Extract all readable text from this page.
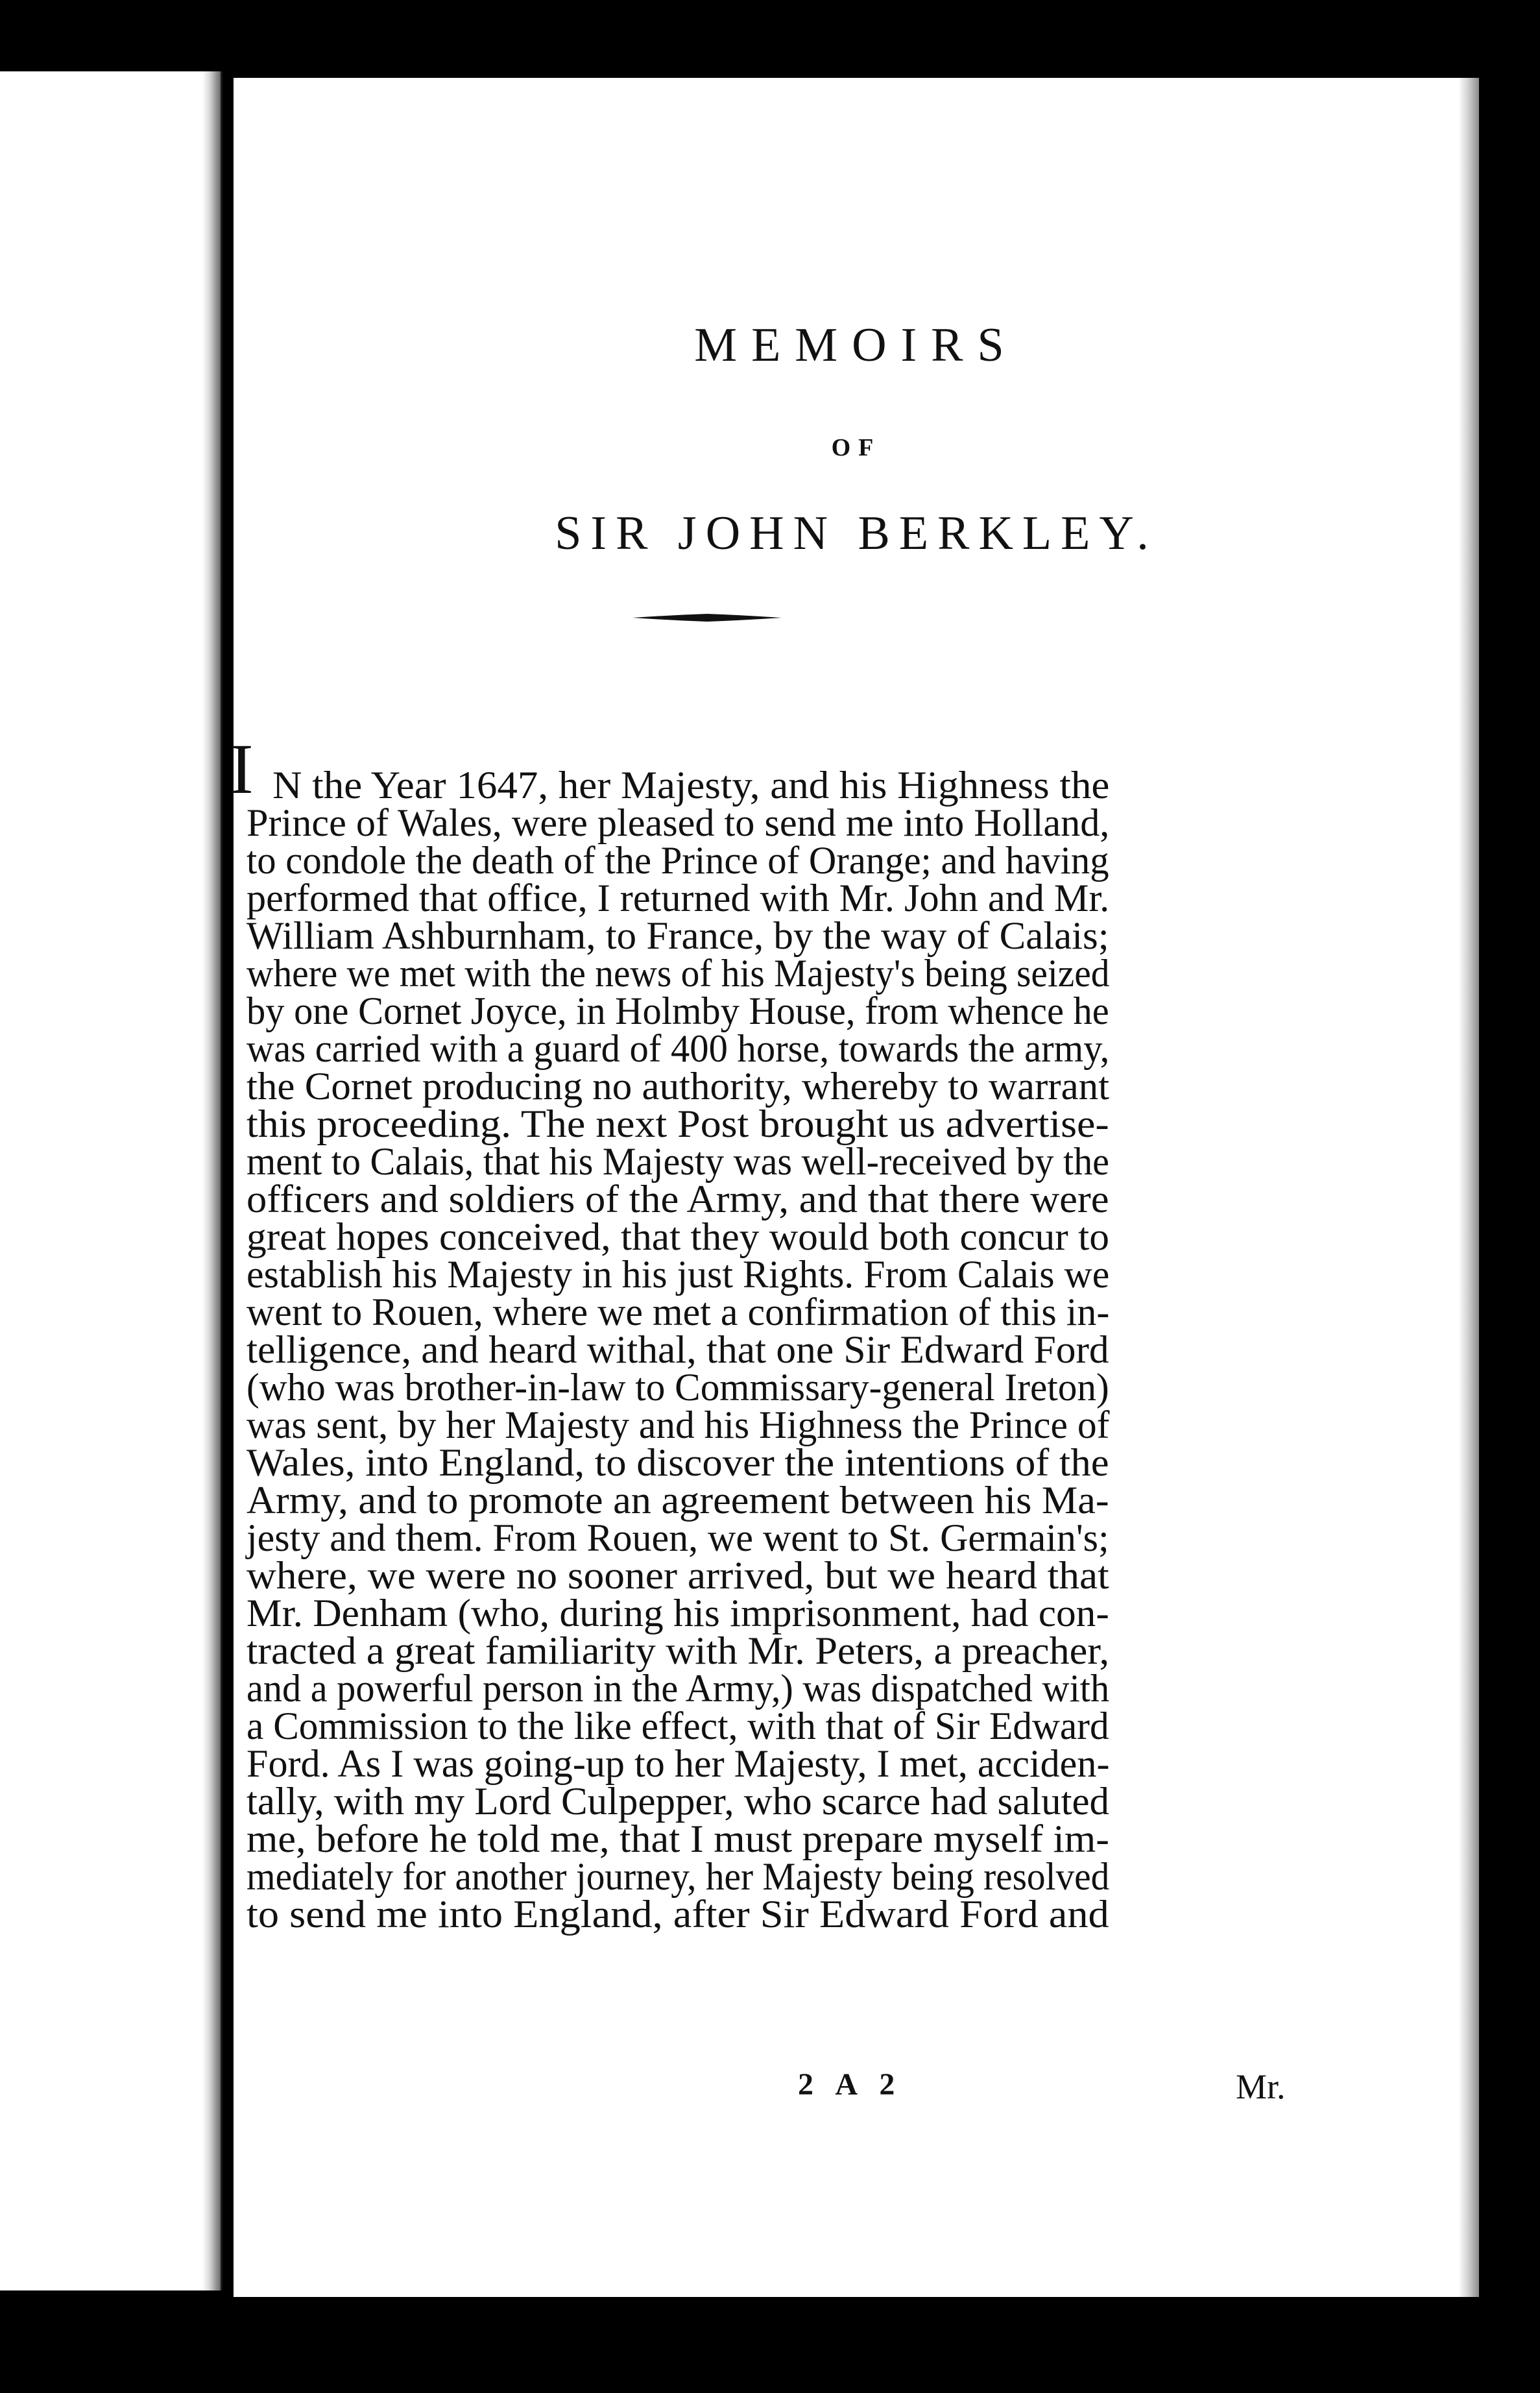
MEMOIRS
OF
SIR JOHN BERKLEY.
I N the Year 1647, her Majesty, and his Highness the
Prince of Wales, were pleased to send me into Holland,
to condole the death of the Prince of Orange; and having
performed that office, I returned with Mr. John and Mr.
William Ashburnham, to France, by the way of Calais;
where we met with the news of his Majesty's being seized
by one Cornet Joyce, in Holmby House, from whence he
was carried with a guard of 400 horse, towards the army,
the Cornet producing no authority, whereby to warrant
this proceeding. The next Post brought us advertise-
ment to Calais, that his Majesty was well-received by the
officers and soldiers of the Army, and that there were
great hopes conceived, that they would both concur to
establish his Majesty in his just Rights. From Calais we
went to Rouen, where we met a confirmation of this in-
telligence, and heard withal, that one Sir Edward Ford
(who was brother-in-law to Commissary-general Ireton)
was sent, by her Majesty and his Highness the Prince of
Wales, into England, to discover the intentions of the
Army, and to promote an agreement between his Ma-
jesty and them. From Rouen, we went to St. Germain's;
where, we were no sooner arrived, but we heard that
Mr. Denham (who, during his imprisonment, had con-
tracted a great familiarity with Mr. Peters, a preacher,
and a powerful person in the Army,) was dispatched with
a Commission to the like effect, with that of Sir Edward
Ford. As I was going-up to her Majesty, I met, acciden-
tally, with my Lord Culpepper, who scarce had saluted
me, before he told me, that I must prepare myself im-
mediately for another journey, her Majesty being resolved
to send me into England, after Sir Edward Ford and
2 A 2	Mr.
